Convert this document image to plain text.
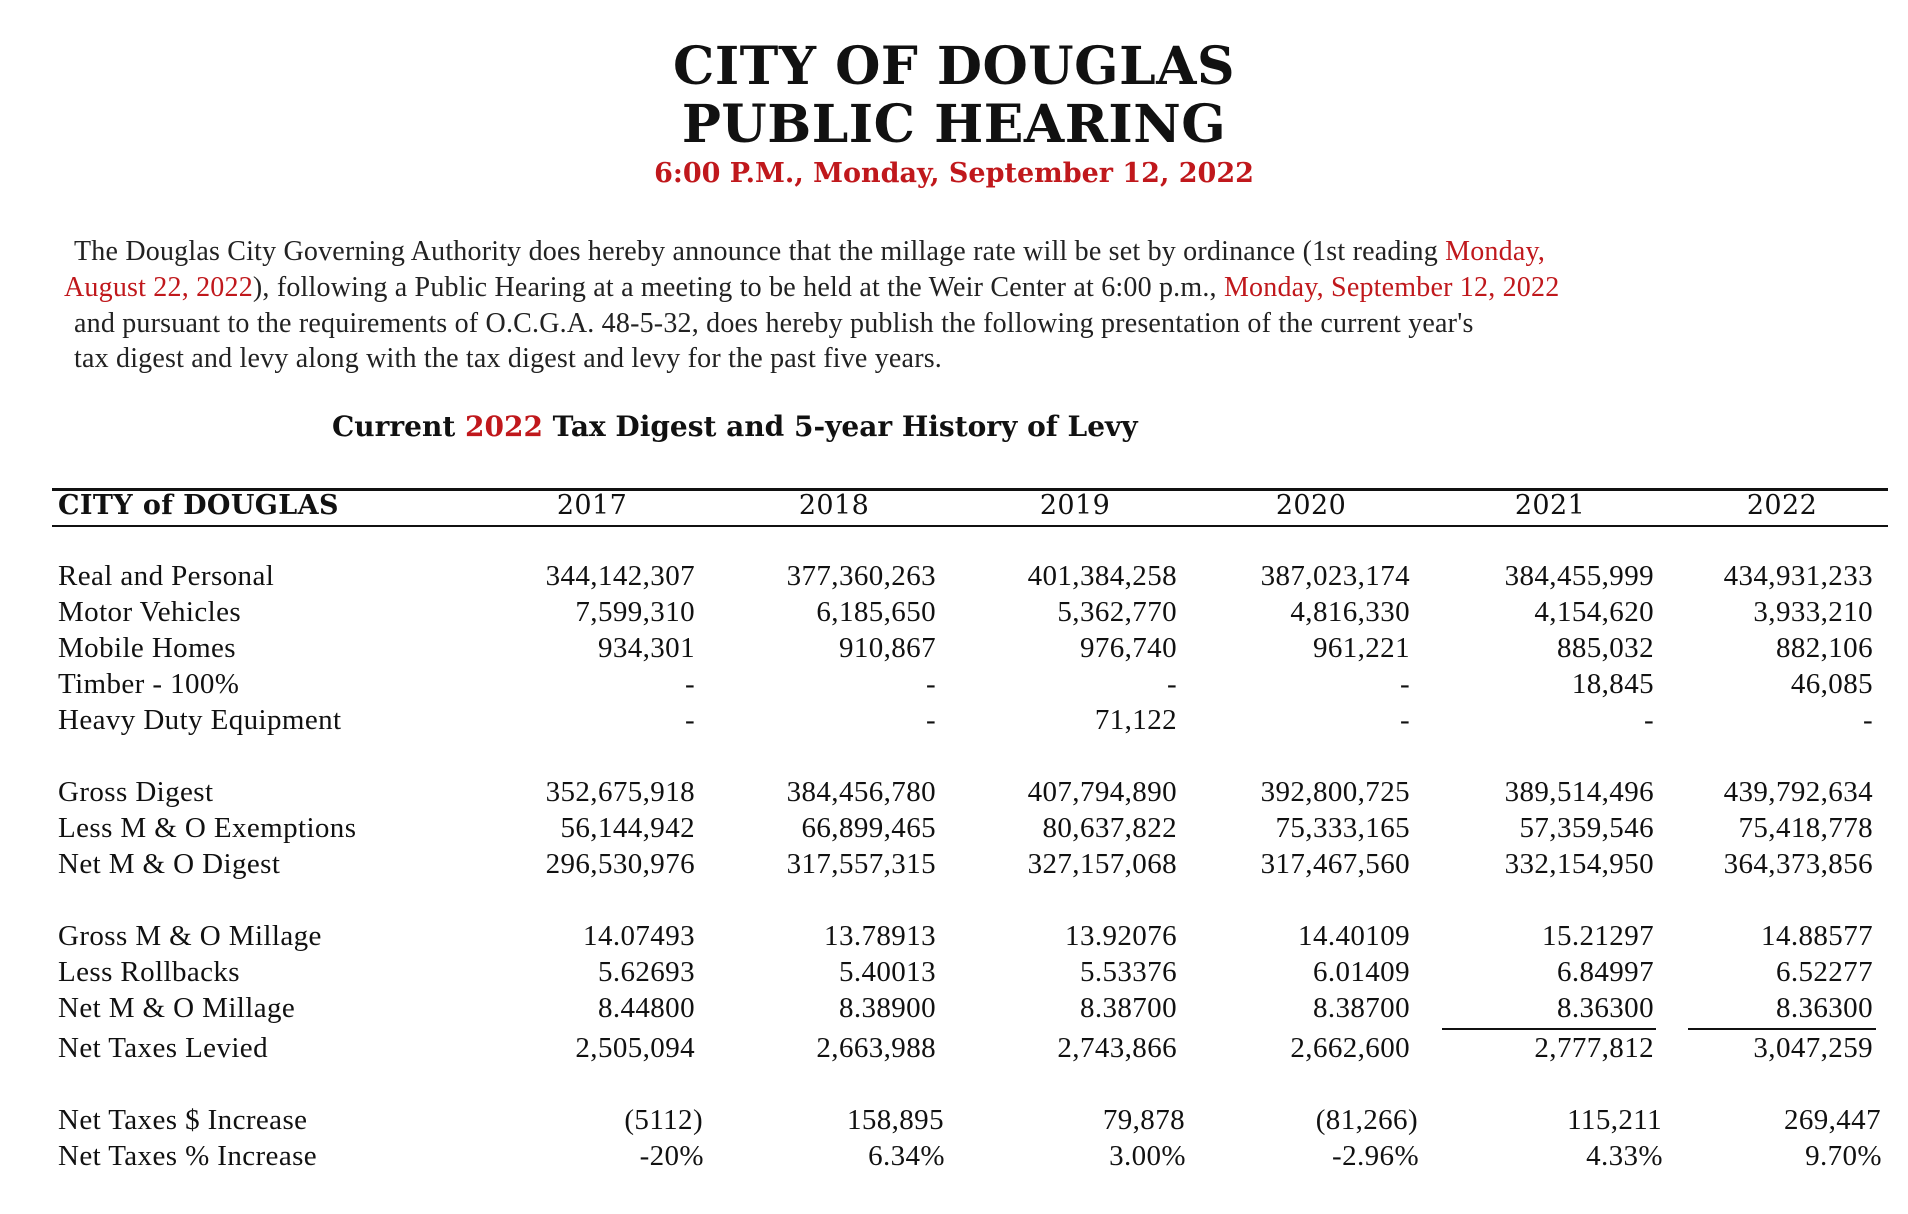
CITY OF DOUGLAS
PUBLIC HEARING
6:00 P.M., Monday, September 12, 2022
The Douglas City Governing Authority does hereby announce that the millage rate will be set by ordinance (1st reading Monday,
August 22, 2022), following a Public Hearing at a meeting to be held at the Weir Center at 6:00 p.m., Monday, September 12, 2022
and pursuant to the requirements of O.C.G.A. 48-5-32, does hereby publish the following presentation of the current year's
tax digest and levy along with the tax digest and levy for the past five years.
Current 2022 Tax Digest and 5-year History of Levy
CITY of DOUGLAS	2017	2018	2019	2020	2021	2022
Real and Personal	344,142,307	377,360,263	401,384,258	387,023,174	384,455,999	434,931,233
Motor Vehicles	7,599,310	6,185,650	5,362,770	4,816,330	4,154,620	3,933,210
Mobile Homes	934,301	910,867	976,740	961,221	885,032	882,106
Timber - 100%	-	-	-	-	18,845	46,085
Heavy Duty Equipment	-	-	71,122	-	-	-
Gross Digest	352,675,918	384,456,780	407,794,890	392,800,725	389,514,496	439,792,634
Less M & O Exemptions	56,144,942	66,899,465	80,637,822	75,333,165	57,359,546	75,418,778
Net M & O Digest	296,530,976	317,557,315	327,157,068	317,467,560	332,154,950	364,373,856
Gross M & O Millage	14.07493	13.78913	13.92076	14.40109	15.21297	14.88577
Less Rollbacks	5.62693	5.40013	5.53376	6.01409	6.84997	6.52277
Net M & O Millage	8.44800	8.38900	8.38700	8.38700	8.36300	8.36300
Net Taxes Levied	2,505,094	2,663,988	2,743,866	2,662,600	2,777,812	3,047,259
Net Taxes $ Increase	(5112)	158,895	79,878	(81,266)	115,211	269,447
Net Taxes % Increase	-20%	6.34%	3.00%	-2.96%	4.33%	9.70%
